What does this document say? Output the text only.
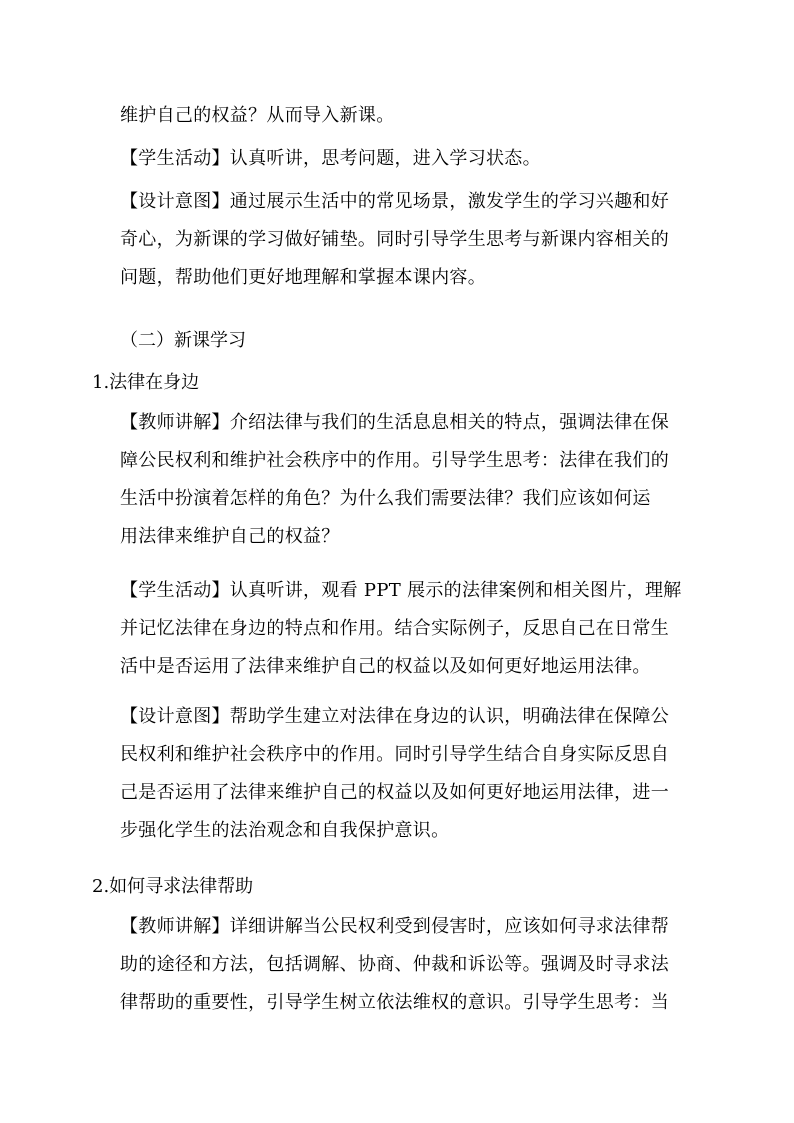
维护自己的权益？从而导入新课。
【学生活动】认真听讲，思考问题，进入学习状态。
【设计意图】通过展示生活中的常见场景，激发学生的学习兴趣和好
奇心，为新课的学习做好铺垫。同时引导学生思考与新课内容相关的
问题，帮助他们更好地理解和掌握本课内容。
（二）新课学习
1.法律在身边
【教师讲解】介绍法律与我们的生活息息相关的特点，强调法律在保
障公民权利和维护社会秩序中的作用。引导学生思考：法律在我们的
生活中扮演着怎样的角色？为什么我们需要法律？我们应该如何运
用法律来维护自己的权益？
【学生活动】认真听讲，观看 PPT 展示的法律案例和相关图片，理解
并记忆法律在身边的特点和作用。结合实际例子，反思自己在日常生
活中是否运用了法律来维护自己的权益以及如何更好地运用法律。
【设计意图】帮助学生建立对法律在身边的认识，明确法律在保障公
民权利和维护社会秩序中的作用。同时引导学生结合自身实际反思自
己是否运用了法律来维护自己的权益以及如何更好地运用法律，进一
步强化学生的法治观念和自我保护意识。
2.如何寻求法律帮助
【教师讲解】详细讲解当公民权利受到侵害时，应该如何寻求法律帮
助的途径和方法，包括调解、协商、仲裁和诉讼等。强调及时寻求法
律帮助的重要性，引导学生树立依法维权的意识。引导学生思考：当
